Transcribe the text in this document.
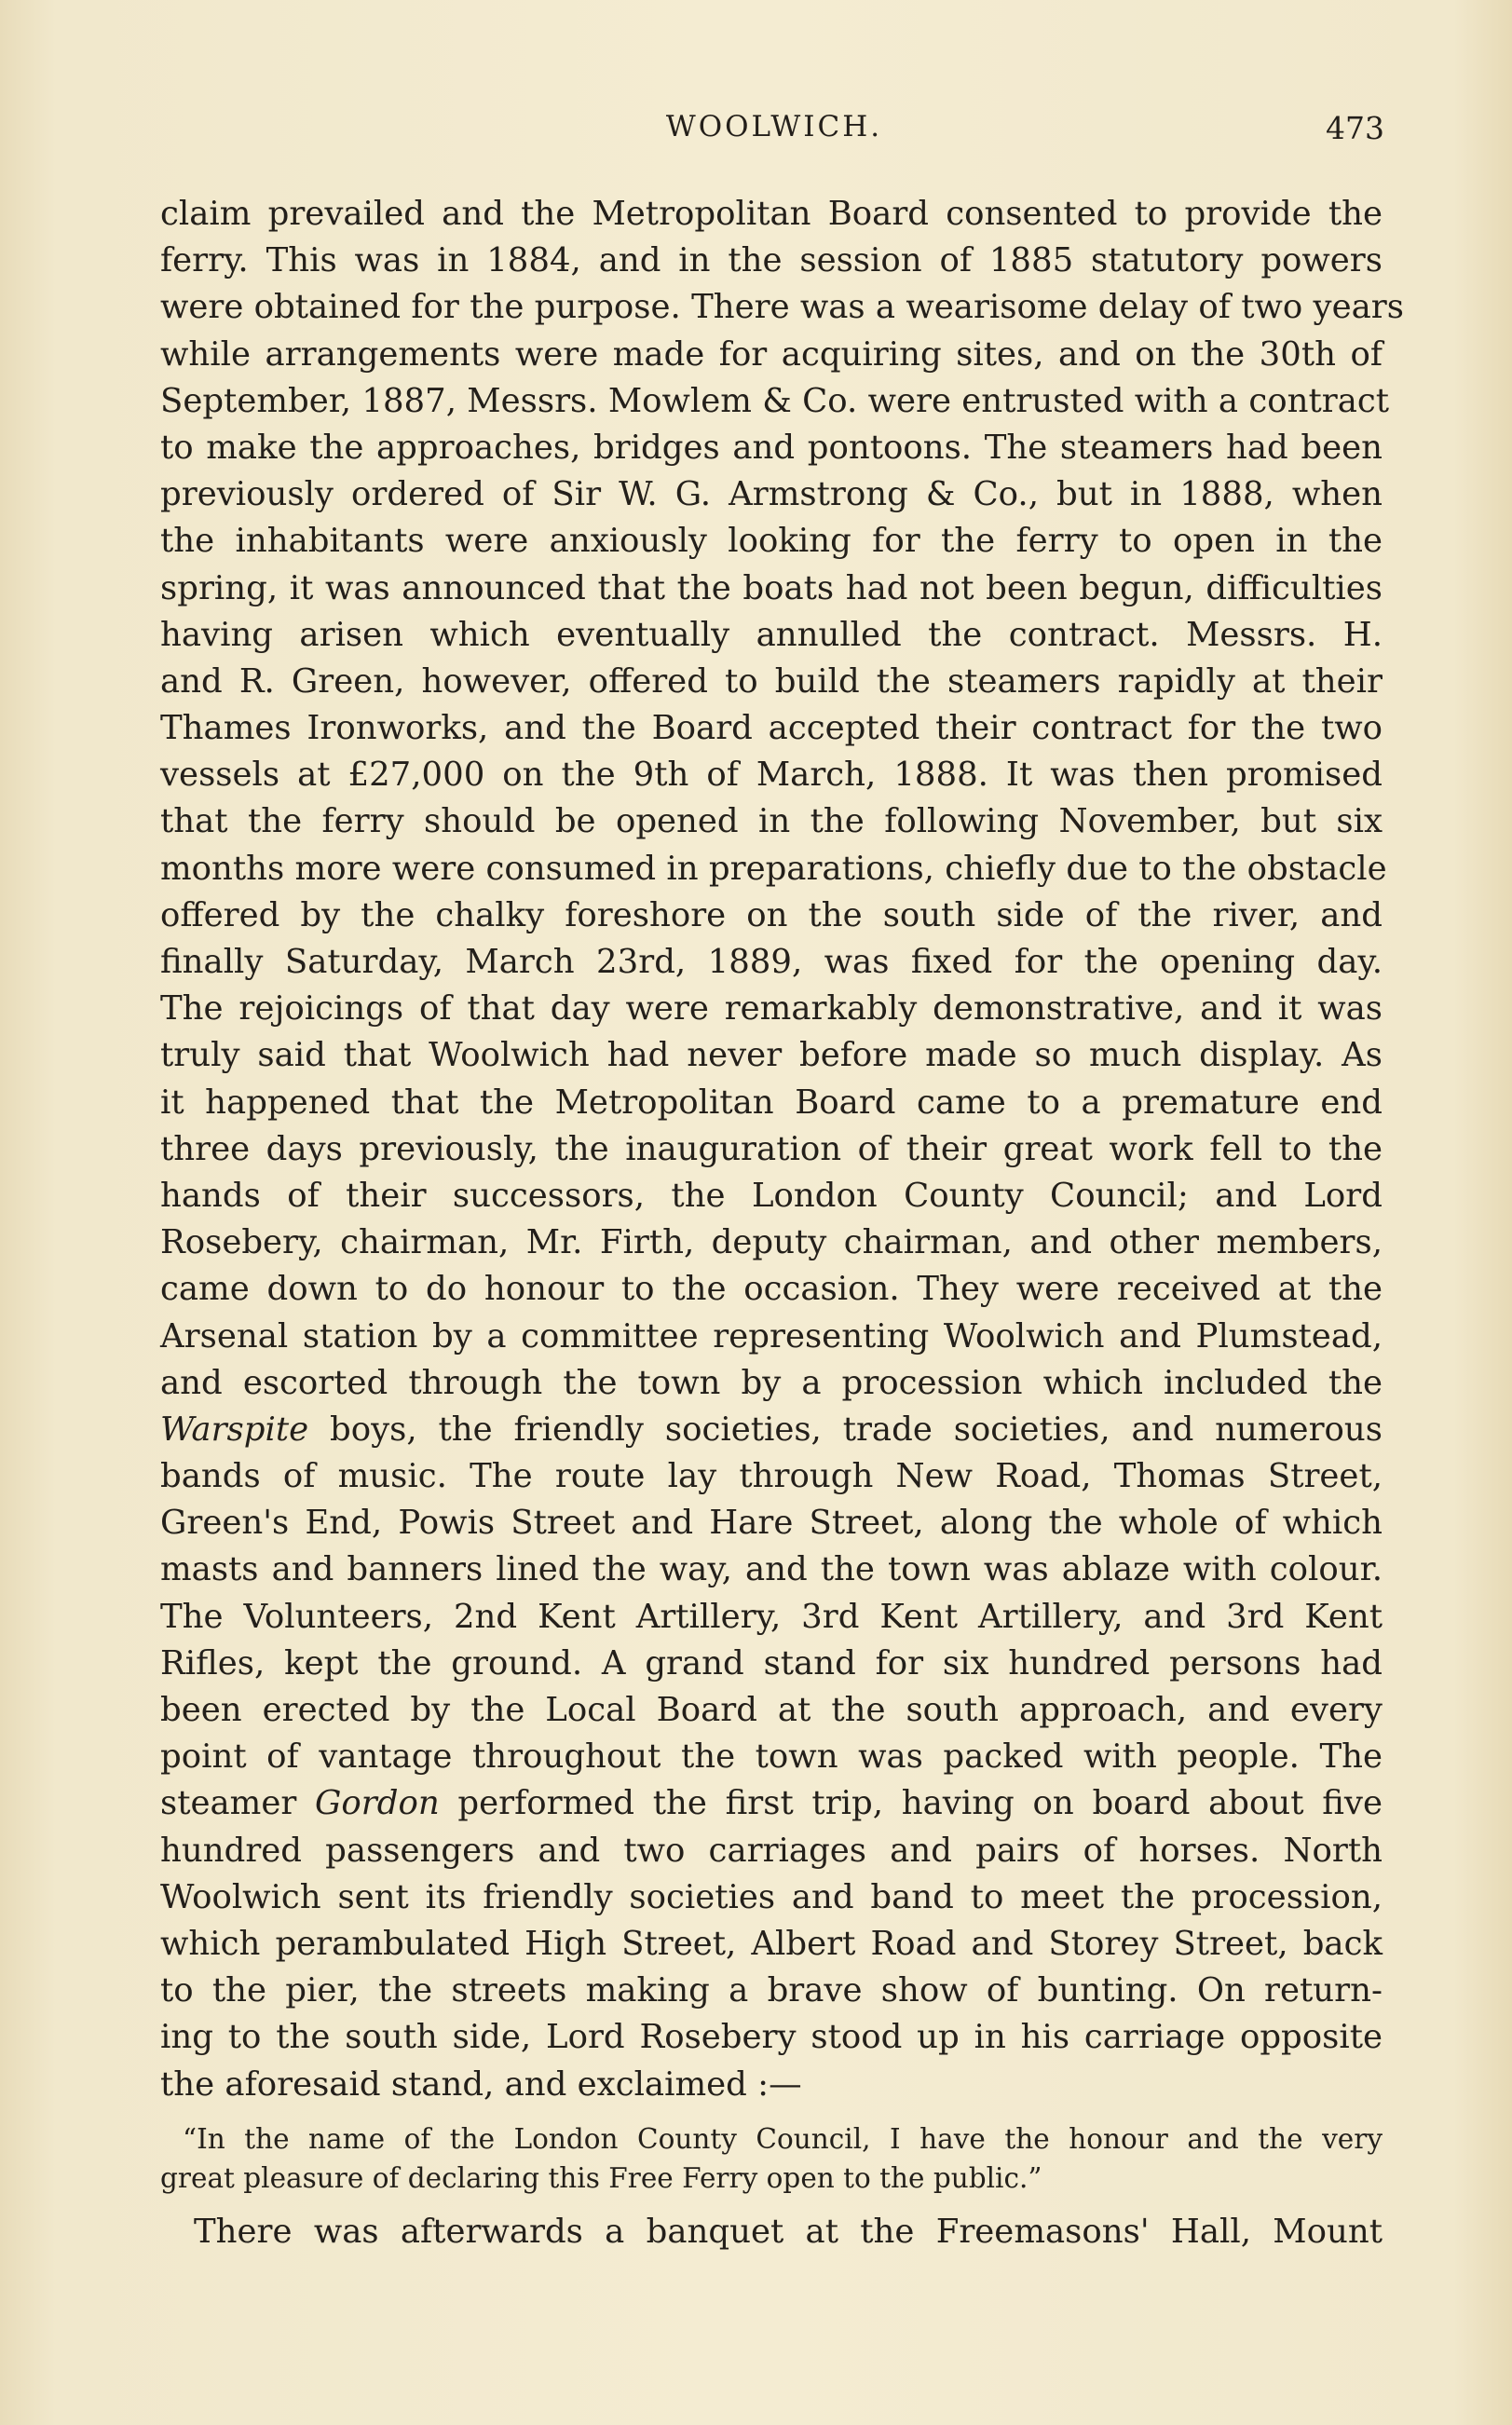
WOOLWICH.	473
claim prevailed and the Metropolitan Board consented to provide the
ferry. This was in 1884, and in the session of 1885 statutory powers
were obtained for the purpose. There was a wearisome delay of two years
while arrangements were made for acquiring sites, and on the 30th of
September, 1887, Messrs. Mowlem & Co. were entrusted with a contract
to make the approaches, bridges and pontoons. The steamers had been
previously ordered of Sir W. G. Armstrong & Co., but in 1888, when
the inhabitants were anxiously looking for the ferry to open in the
spring, it was announced that the boats had not been begun, difficulties
having arisen which eventually annulled the contract. Messrs. H.
and R. Green, however, offered to build the steamers rapidly at their
Thames Ironworks, and the Board accepted their contract for the two
vessels at £27,000 on the 9th of March, 1888. It was then promised
that the ferry should be opened in the following November, but six
months more were consumed in preparations, chiefly due to the obstacle
offered by the chalky foreshore on the south side of the river, and
finally Saturday, March 23rd, 1889, was fixed for the opening day.
The rejoicings of that day were remarkably demonstrative, and it was
truly said that Woolwich had never before made so much display. As
it happened that the Metropolitan Board came to a premature end
three days previously, the inauguration of their great work fell to the
hands of their successors, the London County Council; and Lord
Rosebery, chairman, Mr. Firth, deputy chairman, and other members,
came down to do honour to the occasion. They were received at the
Arsenal station by a committee representing Woolwich and Plumstead,
and escorted through the town by a procession which included the
Warspite boys, the friendly societies, trade societies, and numerous
bands of music. The route lay through New Road, Thomas Street,
Green's End, Powis Street and Hare Street, along the whole of which
masts and banners lined the way, and the town was ablaze with colour.
The Volunteers, 2nd Kent Artillery, 3rd Kent Artillery, and 3rd Kent
Rifles, kept the ground. A grand stand for six hundred persons had
been erected by the Local Board at the south approach, and every
point of vantage throughout the town was packed with people. The
steamer Gordon performed the first trip, having on board about five
hundred passengers and two carriages and pairs of horses. North
Woolwich sent its friendly societies and band to meet the procession,
which perambulated High Street, Albert Road and Storey Street, back
to the pier, the streets making a brave show of bunting. On return-
ing to the south side, Lord Rosebery stood up in his carriage opposite
the aforesaid stand, and exclaimed :—
“In the name of the London County Council, I have the honour and the very
great pleasure of declaring this Free Ferry open to the public.”
There was afterwards a banquet at the Freemasons' Hall, Mount
